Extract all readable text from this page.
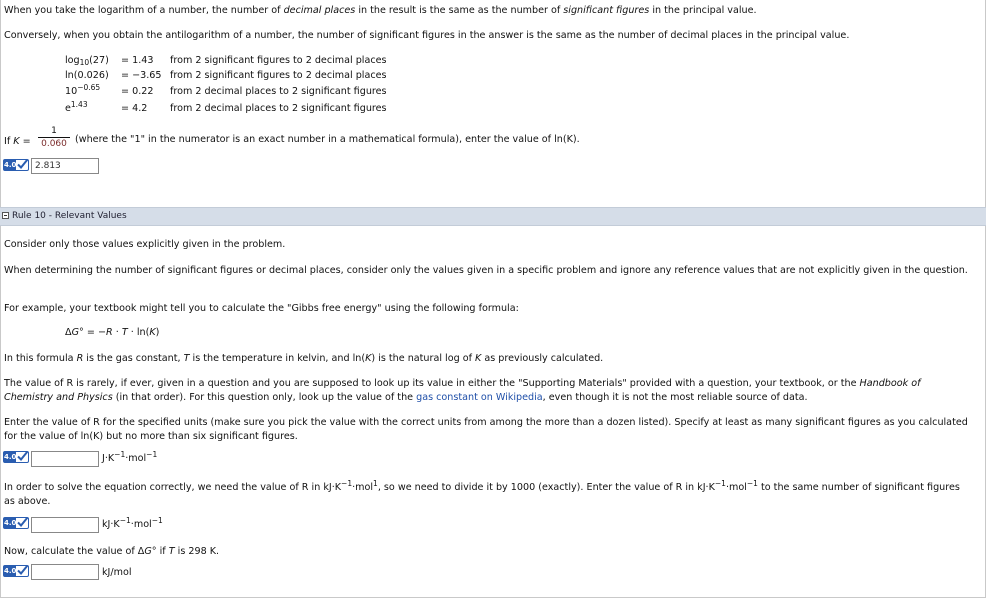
When you take the logarithm of a number, the number of decimal places in the result is the same as the number of significant figures in the principal value.
Conversely, when you obtain the antilogarithm of a number, the number of significant figures in the answer is the same as the number of decimal places in the principal value.
$\log_{10}(27) = 1.43$ from 2 significant figures to 2 decimal places
ln(0.026) = −3.65 from 2 significant figures to 2 decimal places
$10^{-0.65} = 0.22$ from 2 decimal places to 2 significant figures
$e^{1.43}$	= 4.2 from 2 decimal places to 2 significant figures
If K =
1
0.060 (where the "1" in the numerator is an exact number in a mathematical formula), enter the value of ln(K).
4.0	2.813
Rule 10 - Relevant Values
Consider only those values explicitly given in the problem.
When determining the number of significant figures or decimal places, consider only the values given in a specific problem and ignore any reference values that are not explicitly given in the question.
For example, your textbook might tell you to calculate the "Gibbs free energy" using the following formula:
ΔG° = −R · T · ln(K)
In this formula R is the gas constant, T is the temperature in kelvin, and ln(K) is the natural log of K as previously calculated.
The value of R is rarely, if ever, given in a question and you are supposed to look up its value in either the "Supporting Materials" provided with a question, your textbook, or the Handbook of Chemistry and Physics (in that order). For this question only, look up the value of the gas constant on Wikipedia, even though it is not the most reliable source of data.
Enter the value of R for the specified units (make sure you pick the value with the correct units from among the more than a dozen listed). Specify at least as many significant figures as you calculated for the value of ln(K) but no more than six significant figures.
4.0	$J\cdot K^{-1}\cdot mol^{-1}$
In order to solve the equation correctly, we need the value of R in $kJ\cdot K^{-1}\cdot mol^1$, so we need to divide it by 1000 (exactly). Enter the value of R in $kJ\cdot K^{-1}\cdot mol^{-1}$ to the same number of significant figures as above.
4.0	$kJ\cdot K^{-1}\cdot mol^{-1}$
Now, calculate the value of ΔG° if T is 298 K.
4.0	kJ/mol
